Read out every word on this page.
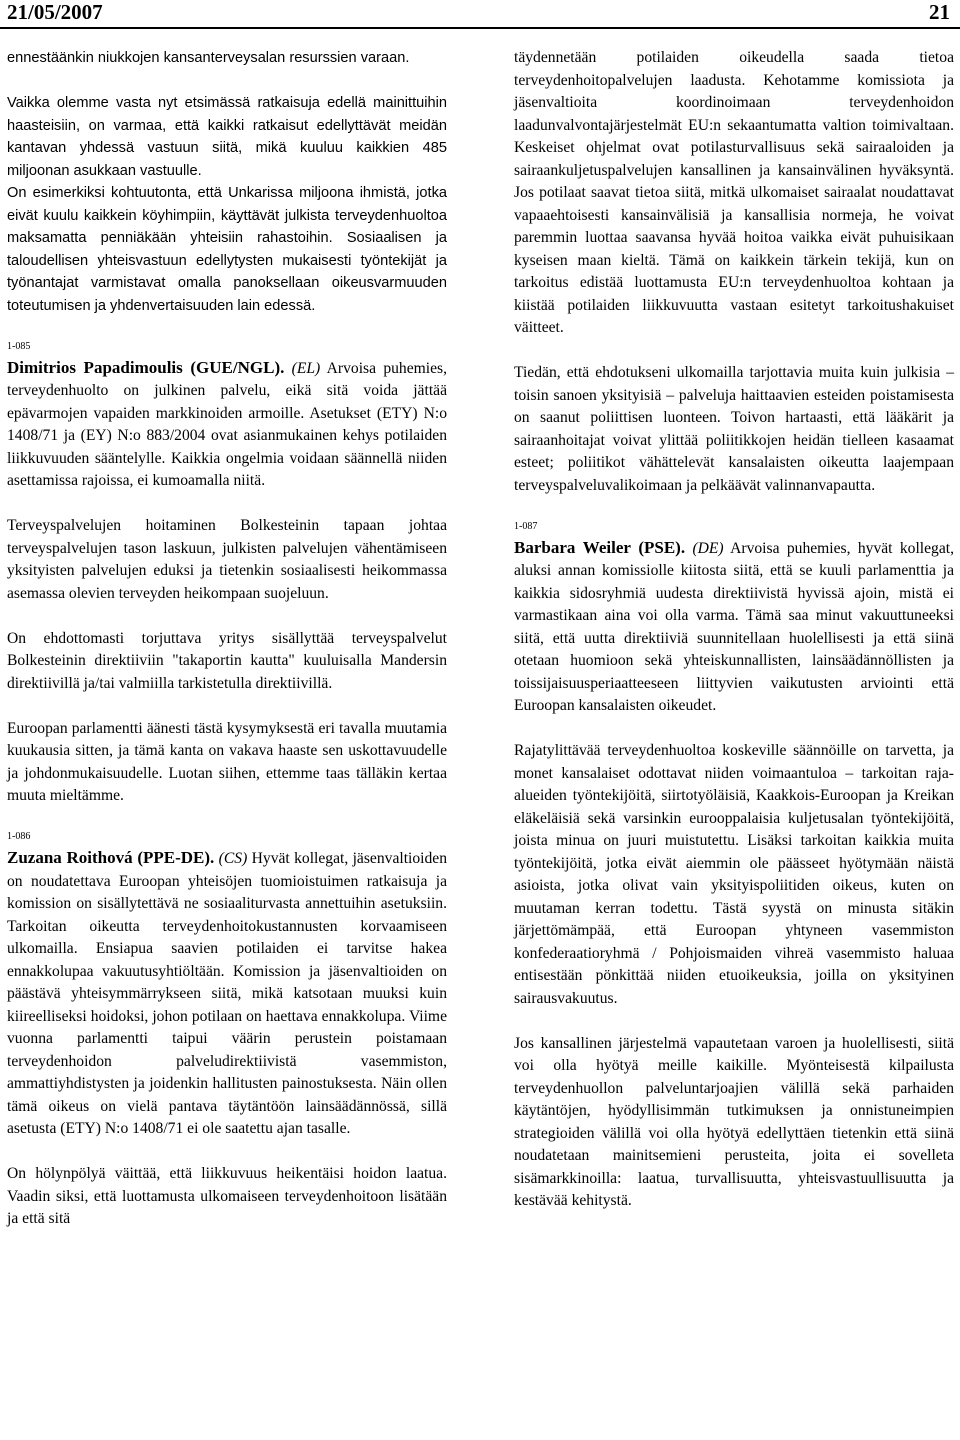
21/05/2007	21

ennestäänkin niukkojen kansanterveysalan resurssien varaan.

Vaikka olemme vasta nyt etsimässä ratkaisuja edellä mainittuihin haasteisiin, on varmaa, että kaikki ratkaisut edellyttävät meidän kantavan yhdessä vastuun siitä, mikä kuuluu kaikkien 485 miljoonan asukkaan vastuulle.

On esimerkiksi kohtuutonta, että Unkarissa miljoona ihmistä, jotka eivät kuulu kaikkein köyhimpiin, käyttävät julkista terveydenhuoltoa maksamatta penniäkään yhteisiin rahastoihin. Sosiaalisen ja taloudellisen yhteisvastuun edellytysten mukaisesti työntekijät ja työnantajat varmistavat omalla panoksellaan oikeusvarmuuden toteutumisen ja yhdenvertaisuuden lain edessä.

1-085

Dimitrios Papadimoulis (GUE/NGL). (EL) Arvoisa puhemies, terveydenhuolto on julkinen palvelu, eikä sitä voida jättää epävarmojen vapaiden markkinoiden armoille. Asetukset (ETY) N:o 1408/71 ja (EY) N:o 883/2004 ovat asianmukainen kehys potilaiden liikkuvuuden sääntelylle. Kaikkia ongelmia voidaan säännellä niiden asettamissa rajoissa, ei kumoamalla niitä.

Terveyspalvelujen hoitaminen Bolkesteinin tapaan johtaa terveyspalvelujen tason laskuun, julkisten palvelujen vähentämiseen yksityisten palvelujen eduksi ja tietenkin sosiaalisesti heikommassa asemassa olevien terveyden heikompaan suojeluun.

On ehdottomasti torjuttava yritys sisällyttää terveyspalvelut Bolkesteinin direktiiviin "takaportin kautta" kuuluisalla Mandersin direktiivillä ja/tai valmiilla tarkistetulla direktiivillä.

Euroopan parlamentti äänesti tästä kysymyksestä eri tavalla muutamia kuukausia sitten, ja tämä kanta on vakava haaste sen uskottavuudelle ja johdonmukaisuudelle. Luotan siihen, ettemme taas tälläkin kertaa muuta mieltämme.

1-086

Zuzana Roithová (PPE-DE). (CS) Hyvät kollegat, jäsenvaltioiden on noudatettava Euroopan yhteisöjen tuomioistuimen ratkaisuja ja komission on sisällytettävä ne sosiaaliturvasta annettuihin asetuksiin. Tarkoitan oikeutta terveydenhoitokustannusten korvaamiseen ulkomailla. Ensiapua saavien potilaiden ei tarvitse hakea ennakkolupaa vakuutusyhtiöltään. Komission ja jäsenvaltioiden on päästävä yhteisymmärrykseen siitä, mikä katsotaan muuksi kuin kiireelliseksi hoidoksi, johon potilaan on haettava ennakkolupa. Viime vuonna parlamentti taipui väärin perustein poistamaan terveydenhoidon palveludirektiivistä vasemmiston, ammattiyhdistysten ja joidenkin hallitusten painostuksesta. Näin ollen tämä oikeus on vielä pantava täytäntöön lainsäädännössä, sillä asetusta (ETY) N:o 1408/71 ei ole saatettu ajan tasalle.

On hölynpölyä väittää, että liikkuvuus heikentäisi hoidon laatua. Vaadin siksi, että luottamusta ulkomaiseen terveydenhoitoon lisätään ja että sitä

täydennetään potilaiden oikeudella saada tietoa terveydenhoitopalvelujen laadusta. Kehotamme komissiota ja jäsenvaltioita koordinoimaan terveydenhoidon laadunvalvontajärjestelmät EU:n sekaantumatta valtion toimivaltaan. Keskeiset ohjelmat ovat potilasturvallisuus sekä sairaaloiden ja sairaankuljetuspalvelujen kansallinen ja kansainvälinen hyväksyntä. Jos potilaat saavat tietoa siitä, mitkä ulkomaiset sairaalat noudattavat vapaaehtoisesti kansainvälisiä ja kansallisia normeja, he voivat paremmin luottaa saavansa hyvää hoitoa vaikka eivät puhuisikaan kyseisen maan kieltä. Tämä on kaikkein tärkein tekijä, kun on tarkoitus edistää luottamusta EU:n terveydenhuoltoa kohtaan ja kiistää potilaiden liikkuvuutta vastaan esitetyt tarkoitushakuiset väitteet.

Tiedän, että ehdotukseni ulkomailla tarjottavia muita kuin julkisia – toisin sanoen yksityisiä – palveluja haittaavien esteiden poistamisesta on saanut poliittisen luonteen. Toivon hartaasti, että lääkärit ja sairaanhoitajat voivat ylittää poliitikkojen heidän tielleen kasaamat esteet; poliitikot vähättelevät kansalaisten oikeutta laajempaan terveyspalveluvalikoimaan ja pelkäävät valinnanvapautta.

1-087

Barbara Weiler (PSE). (DE) Arvoisa puhemies, hyvät kollegat, aluksi annan komissiolle kiitosta siitä, että se kuuli parlamenttia ja kaikkia sidosryhmiä uudesta direktiivistä hyvissä ajoin, mistä ei varmastikaan aina voi olla varma. Tämä saa minut vakuuttuneeksi siitä, että uutta direktiiviä suunnitellaan huolellisesti ja että siinä otetaan huomioon sekä yhteiskunnallisten, lainsäädännöllisten ja toissijaisuusperiaatteeseen liittyvien vaikutusten arviointi että Euroopan kansalaisten oikeudet.

Rajatylittävää terveydenhuoltoa koskeville säännöille on tarvetta, ja monet kansalaiset odottavat niiden voimaantuloa – tarkoitan raja-alueiden työntekijöitä, siirtotyöläisiä, Kaakkois-Euroopan ja Kreikan eläkeläisiä sekä varsinkin eurooppalaisia kuljetusalan työntekijöitä, joista minua on juuri muistutettu. Lisäksi tarkoitan kaikkia muita työntekijöitä, jotka eivät aiemmin ole päässeet hyötymään näistä asioista, jotka olivat vain yksityispoliitiden oikeus, kuten on muutaman kerran todettu. Tästä syystä on minusta sitäkin järjettömämpää, että Euroopan yhtyneen vasemmiston konfederaatioryhmä / Pohjoismaiden vihreä vasemmisto haluaa entisestään pönkittää niiden etuoikeuksia, joilla on yksityinen sairausvakuutus.

Jos kansallinen järjestelmä vapautetaan varoen ja huolellisesti, siitä voi olla hyötyä meille kaikille. Myönteisestä kilpailusta terveydenhuollon palveluntarjoajien välillä sekä parhaiden käytäntöjen, hyödyllisimmän tutkimuksen ja onnistuneimpien strategioiden välillä voi olla hyötyä edellyttäen tietenkin että siinä noudatetaan mainitsemieni perusteita, joita ei sovelleta sisämarkkinoilla: laatua, turvallisuutta, yhteisvastuullisuutta ja kestävää kehitystä.
